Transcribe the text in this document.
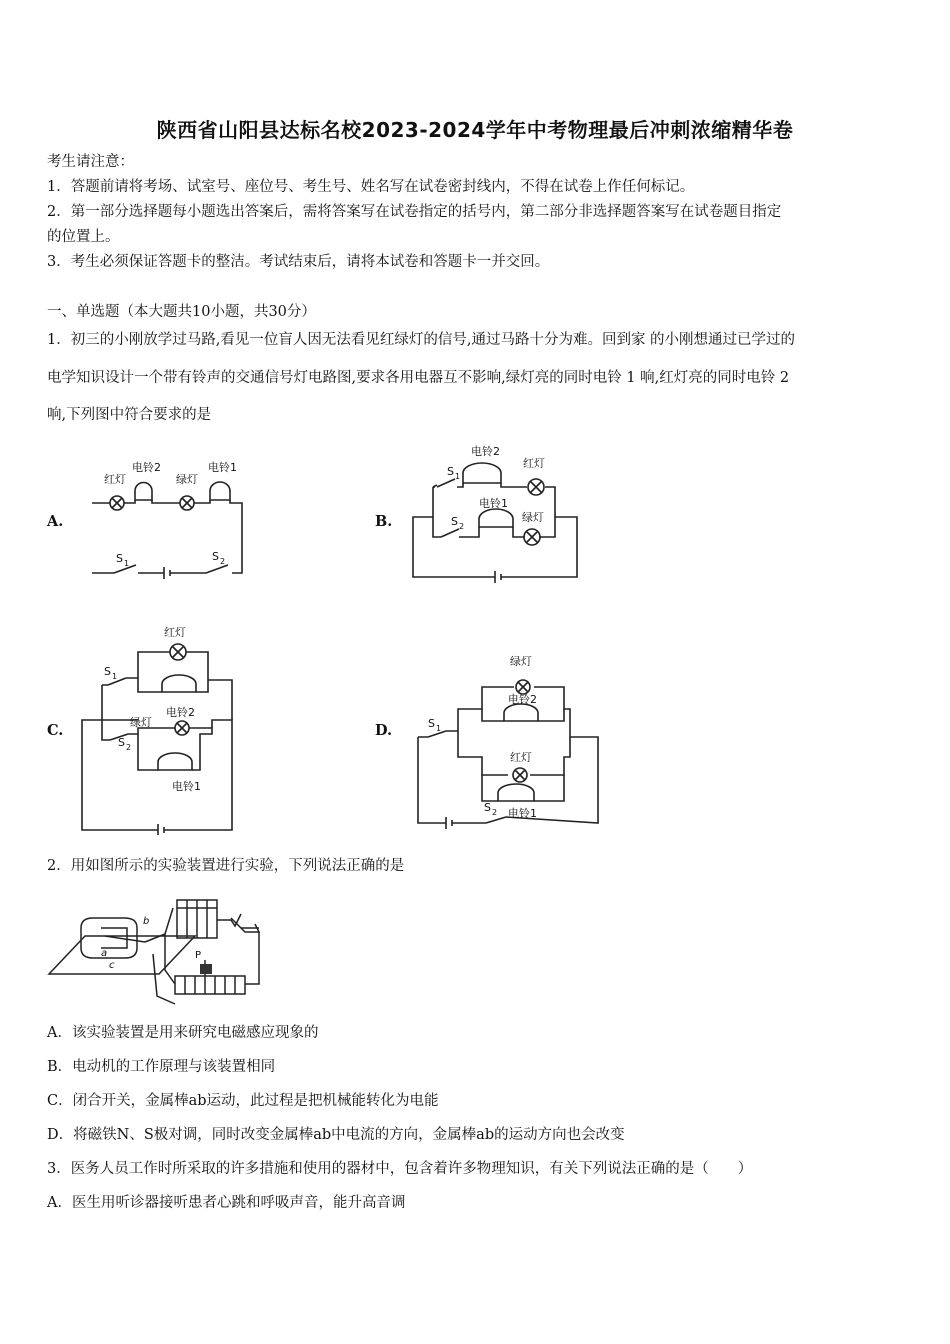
陕西省山阳县达标名校2023-2024学年中考物理最后冲刺浓缩精华卷
考生请注意：
1．答题前请将考场、试室号、座位号、考生号、姓名写在试卷密封线内，不得在试卷上作任何标记。
2．第一部分选择题每小题选出答案后，需将答案写在试卷指定的括号内，第二部分非选择题答案写在试卷题目指定
的位置上。
3．考生必须保证答题卡的整洁。考试结束后，请将本试卷和答题卡一并交回。
一、单选题（本大题共10小题，共30分）
1．初三的小刚放学过马路,看见一位盲人因无法看见红绿灯的信号,通过马路十分为难。回到家 的小刚想通过已学过的
电学知识设计一个带有铃声的交通信号灯电路图,要求各用电器互不影响,绿灯亮的同时电铃 1 响,红灯亮的同时电铃 2
响,下列图中符合要求的是
A.	B.
C.	D.
红灯
电铃2
绿灯
电铃1
S 1
S 2
电铃2
红灯
电铃1
绿灯
S 1
S 2
红灯
S 1
绿灯
电铃2
S 2
电铃1
绿灯
电铃2
S 1
红灯
S 2 电铃1
2．用如图所示的实验装置进行实验，下列说法正确的是
a
b
c
P
A．该实验装置是用来研究电磁感应现象的
B．电动机的工作原理与该装置相同
C．闭合开关，金属棒ab运动，此过程是把机械能转化为电能
D．将磁铁N、S极对调，同时改变金属棒ab中电流的方向，金属棒ab的运动方向也会改变
3．医务人员工作时所采取的许多措施和使用的器材中，包含着许多物理知识，有关下列说法正确的是（　　）
A．医生用听诊器接听患者心跳和呼吸声音，能升高音调
